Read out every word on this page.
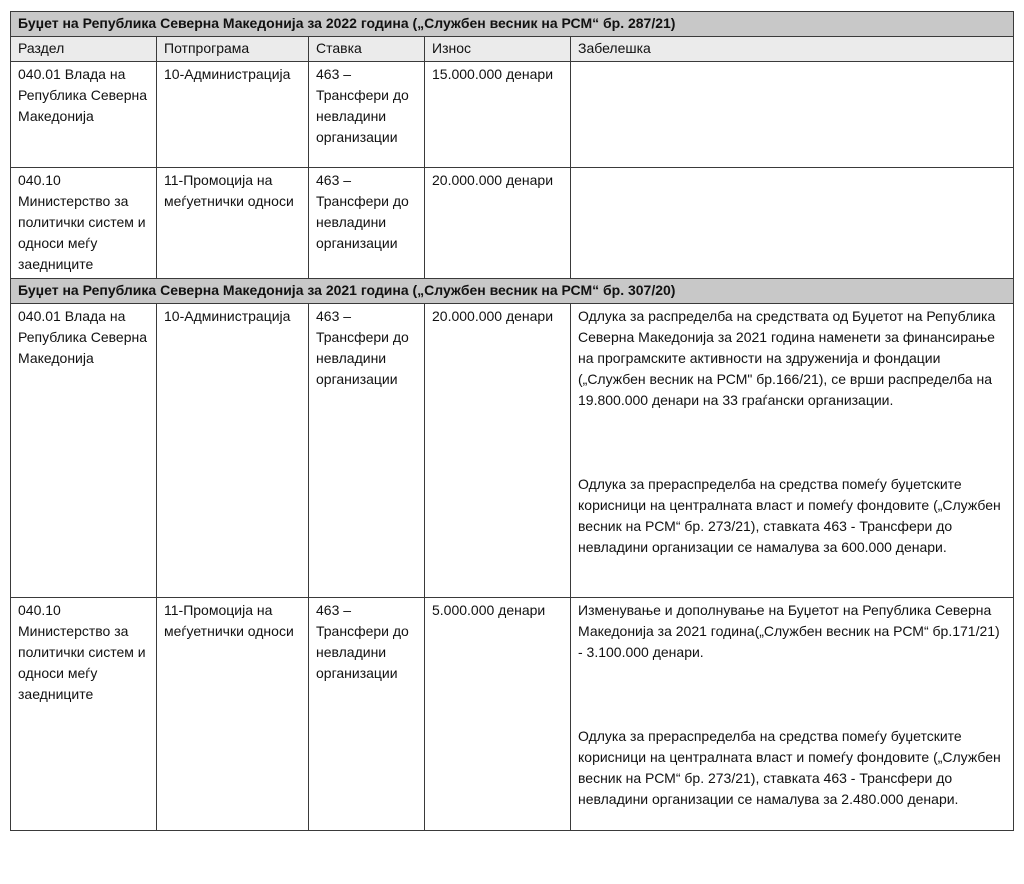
Буџет на Република Северна Македонија за 2022 година („Службен весник на РСМ“ бр. 287/21)				
Раздел	Потпрограма	Ставка	Износ	Забелешка
040.01 Влада на Република Северна Македонија	10-Администрација	463 – Трансфери до невладини организации	15.000.000 денари	
040.10 Министерство за политички систем и односи меѓу заедниците	11-Промоција на меѓуетнички односи	463 – Трансфери до невладини организации	20.000.000 денари	
Буџет на Република Северна Македонија за 2021 година („Службен весник на РСМ“ бр. 307/20)				
040.01 Влада на Република Северна Македонија	10-Администрација	463 – Трансфери до невладини организации	20.000.000 денари	Одлука за распределба на средствата од Буџетот на Република Северна Македонија за 2021 година наменети за финансирање на програмските активности на здруженија и фондации („Службен весник на РСМ" бр.166/21), се врши распределба на 19.800.000 денари на 33 граѓански организации.
Одлука за прераспределба на средства помеѓу буџетските корисници на централната власт и помеѓу фондовите („Службен весник на РСМ“ бр. 273/21), ставката 463 - Трансфери до невладини организации се намалува за 600.000 денари.

040.10 Министерство за политички систем и односи меѓу заедниците	11-Промоција на меѓуетнички односи	463 – Трансфери до невладини организации	5.000.000 денари	Изменување и дополнување на Буџетот на Република Северна Македонија за 2021 година(„Службен весник на РСМ“ бр.171/21) - 3.100.000 денари.
Одлука за прераспределба на средства помеѓу буџетските корисници на централната власт и помеѓу фондовите („Службен весник на РСМ“ бр. 273/21), ставката 463 - Трансфери до невладини организации се намалува за 2.480.000 денари.
